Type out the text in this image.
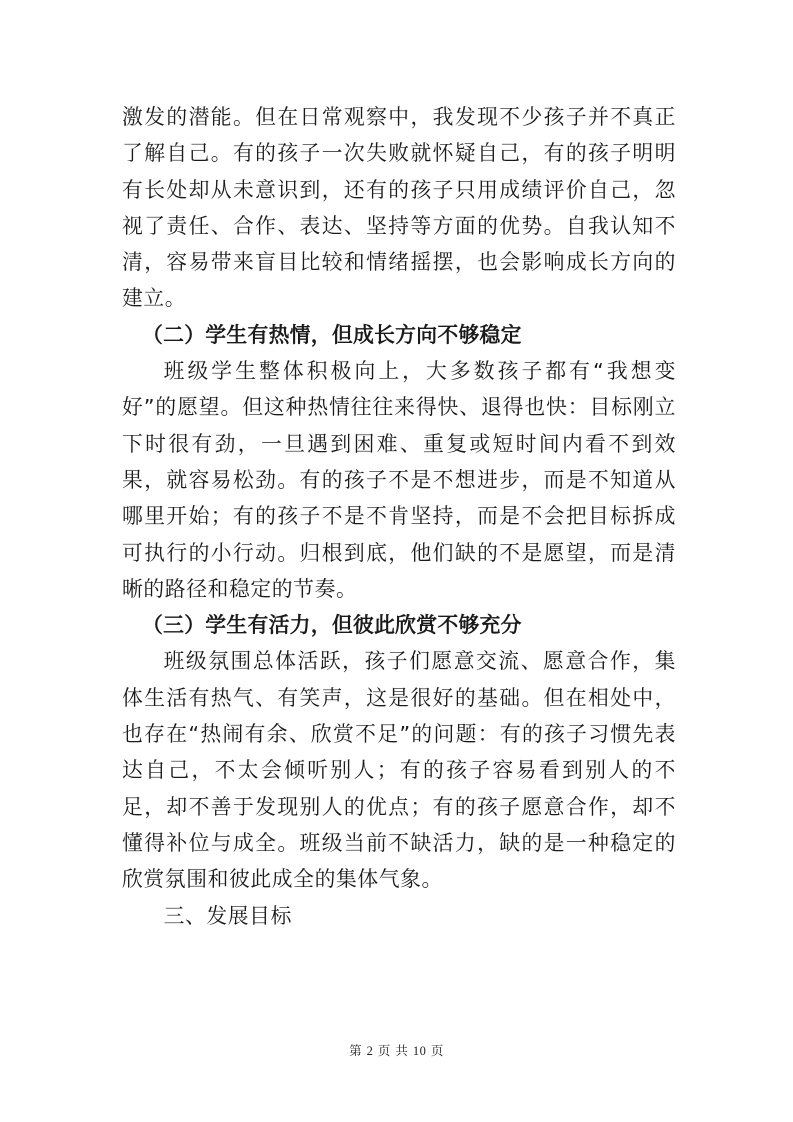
激发的潜能。但在日常观察中，我发现不少孩子并不真正了解自己。有的孩子一次失败就怀疑自己，有的孩子明明有长处却从未意识到，还有的孩子只用成绩评价自己，忽视了责任、合作、表达、坚持等方面的优势。自我认知不清，容易带来盲目比较和情绪摇摆，也会影响成长方向的建立。

（二）学生有热情，但成长方向不够稳定

班级学生整体积极向上，大多数孩子都有“我想变好”的愿望。但这种热情往往来得快、退得也快：目标刚立下时很有劲，一旦遇到困难、重复或短时间内看不到效果，就容易松劲。有的孩子不是不想进步，而是不知道从哪里开始；有的孩子不是不肯坚持，而是不会把目标拆成可执行的小行动。归根到底，他们缺的不是愿望，而是清晰的路径和稳定的节奏。

（三）学生有活力，但彼此欣赏不够充分

班级氛围总体活跃，孩子们愿意交流、愿意合作，集体生活有热气、有笑声，这是很好的基础。但在相处中，也存在“热闹有余、欣赏不足”的问题：有的孩子习惯先表达自己，不太会倾听别人；有的孩子容易看到别人的不足，却不善于发现别人的优点；有的孩子愿意合作，却不懂得补位与成全。班级当前不缺活力，缺的是一种稳定的欣赏氛围和彼此成全的集体气象。

三、发展目标

第 2 页 共 10 页
